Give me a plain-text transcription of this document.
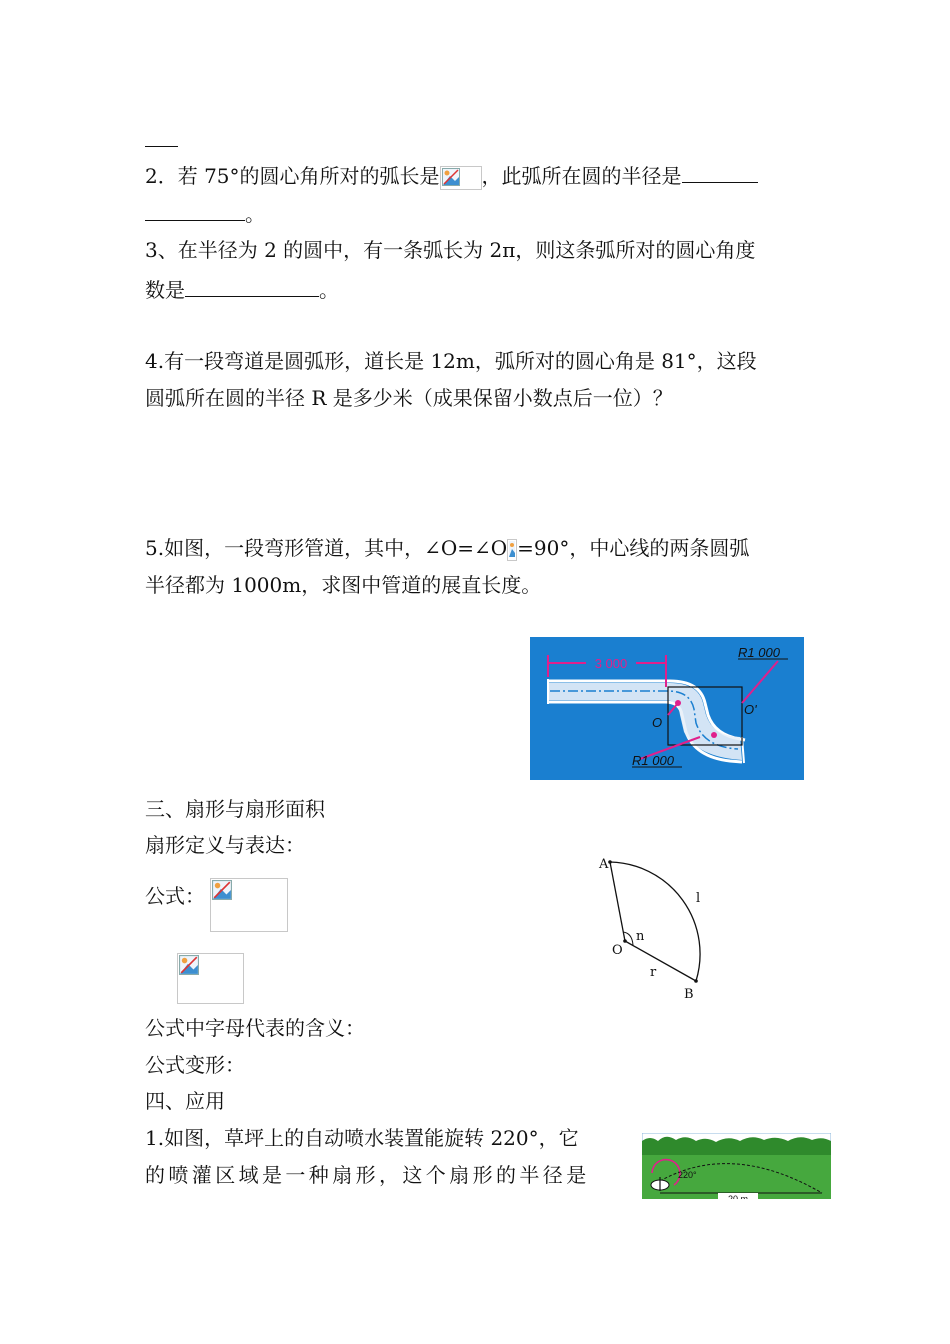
2．若 75°的圆心角所对的弧长是 ，此弧所在圆的半径是
。
3、在半径为 2 的圆中，有一条弧长为 2π，则这条弧所对的圆心角度
数是	。
4.有一段弯道是圆弧形，道长是 12m，弧所对的圆心角是 81°，这段
圆弧所在圆的半径 R 是多少米（成果保留小数点后一位）？
5.如图，一段弯形管道，其中，∠O=∠O =90°，中心线的两条圆弧
半径都为 1000m，求图中管道的展直长度。
3 000
R1 000
R1 000
O
O'
三、扇形与扇形面积
扇形定义与表达：
公式：
A
O
B
n
r
l
公式中字母代表的含义：
公式变形：
四、应用
1.如图，草坪上的自动喷水装置能旋转 220°，它
的喷灌区域是一种扇形，这个扇形的半径是	220°
